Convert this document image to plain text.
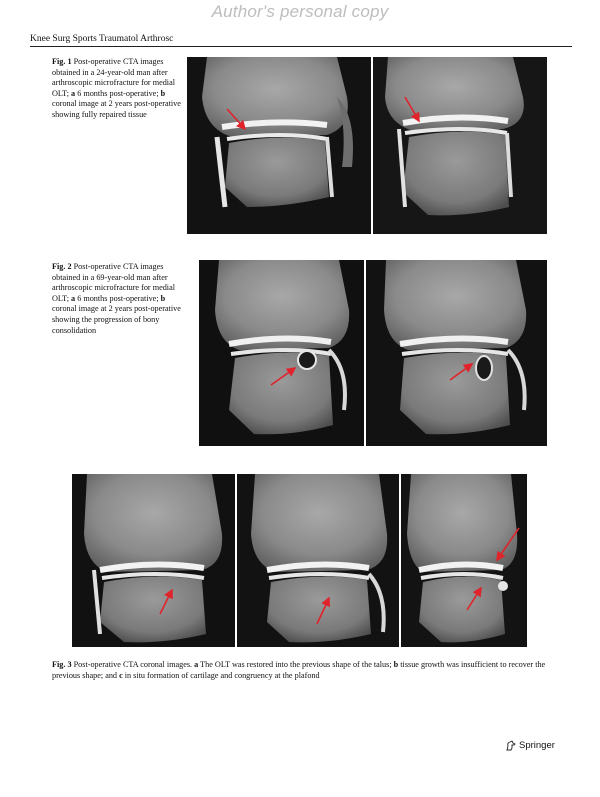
Author's personal copy
Knee Surg Sports Traumatol Arthrosc
Fig. 1 Post-operative CTA images obtained in a 24-year-old man after arthroscopic microfracture for medial OLT; a 6 months post-operative; b coronal image at 2 years post-operative showing fully repaired tissue
Fig. 2 Post-operative CTA images obtained in a 69-year-old man after arthroscopic microfracture for medial OLT; a 6 months post-operative; b coronal image at 2 years post-operative showing the progression of bony consolidation
Fig. 3 Post-operative CTA coronal images. a The OLT was restored into the previous shape of the talus; b tissue growth was insufficient to recover the previous shape; and c in situ formation of cartilage and congruency at the plafond
Springer
